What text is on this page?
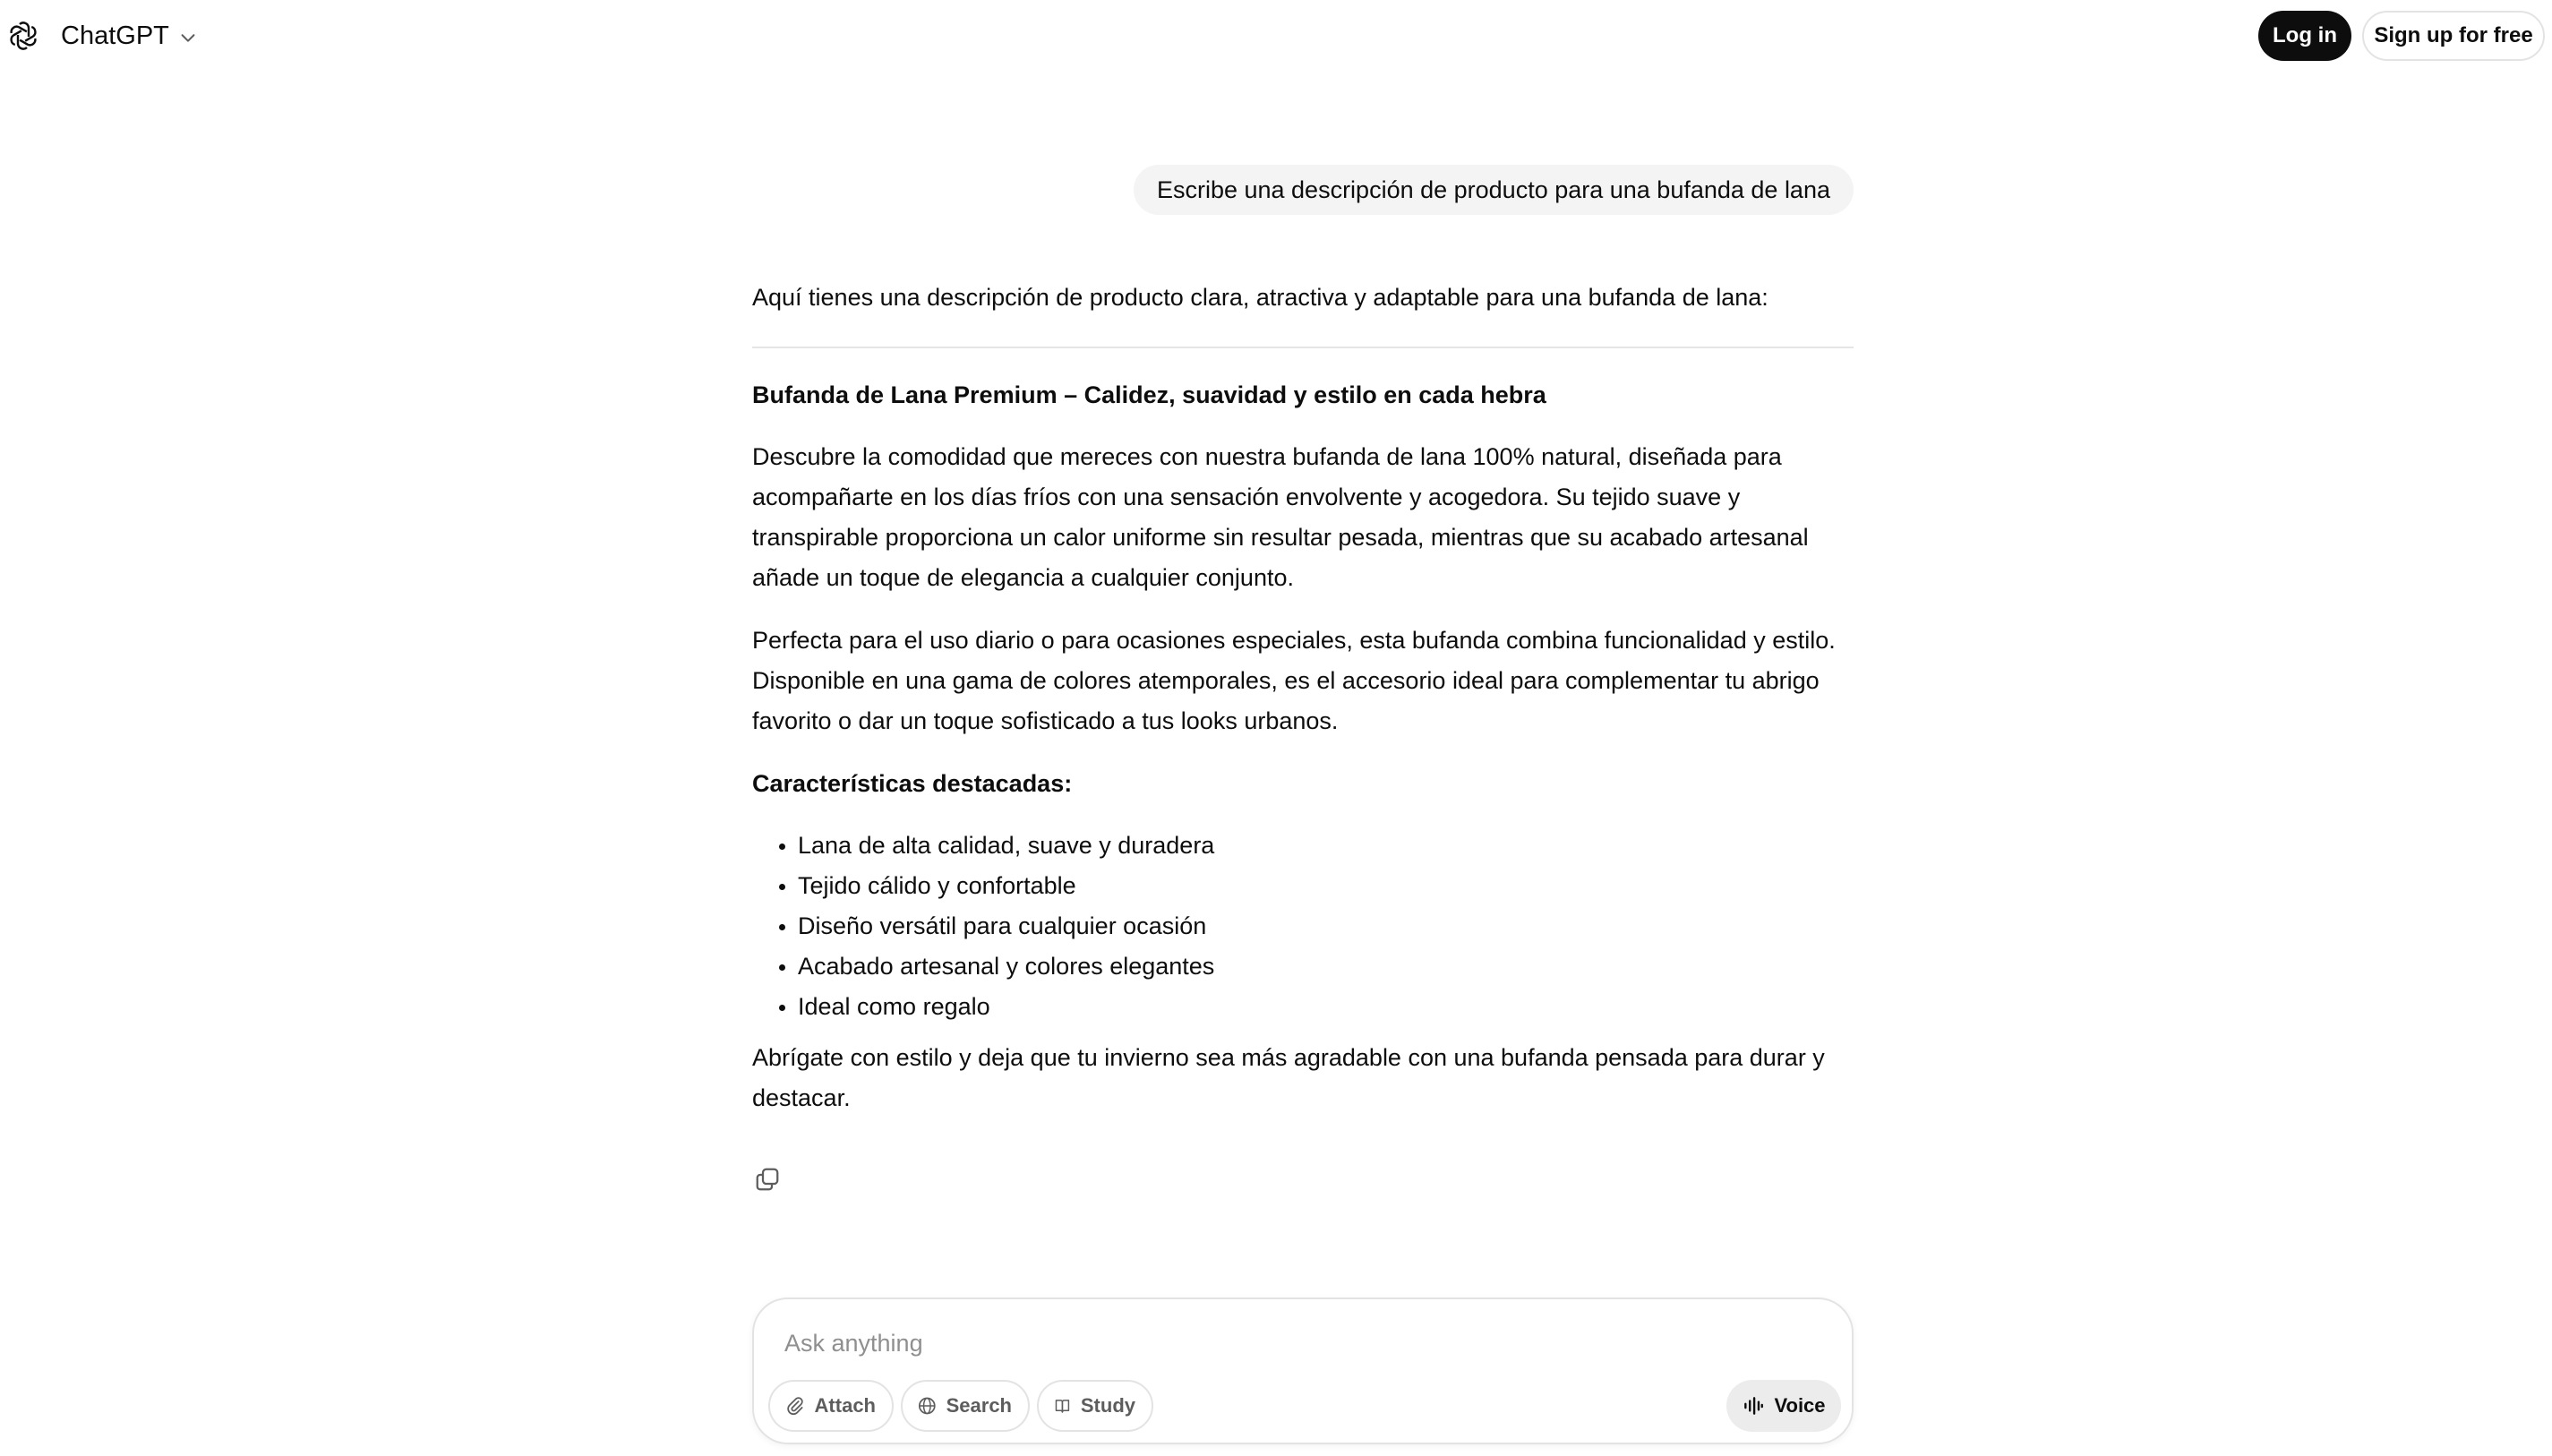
ChatGPT	Log in	Sign up for free
Escribe una descripción de producto para una bufanda de lana

Aquí tienes una descripción de producto clara, atractiva y adaptable para una bufanda de lana:

Bufanda de Lana Premium – Calidez, suavidad y estilo en cada hebra

Descubre la comodidad que mereces con nuestra bufanda de lana 100% natural, diseñada para acompañarte en los días fríos con una sensación envolvente y acogedora. Su tejido suave y transpirable proporciona un calor uniforme sin resultar pesada, mientras que su acabado artesanal añade un toque de elegancia a cualquier conjunto.

Perfecta para el uso diario o para ocasiones especiales, esta bufanda combina funcionalidad y estilo. Disponible en una gama de colores atemporales, es el accesorio ideal para complementar tu abrigo favorito o dar un toque sofisticado a tus looks urbanos.

Características destacadas:

• Lana de alta calidad, suave y duradera
• Tejido cálido y confortable
• Diseño versátil para cualquier ocasión
• Acabado artesanal y colores elegantes
• Ideal como regalo

Abrígate con estilo y deja que tu invierno sea más agradable con una bufanda pensada para durar y destacar.

Ask anything
Attach	Search	Study	Voice
